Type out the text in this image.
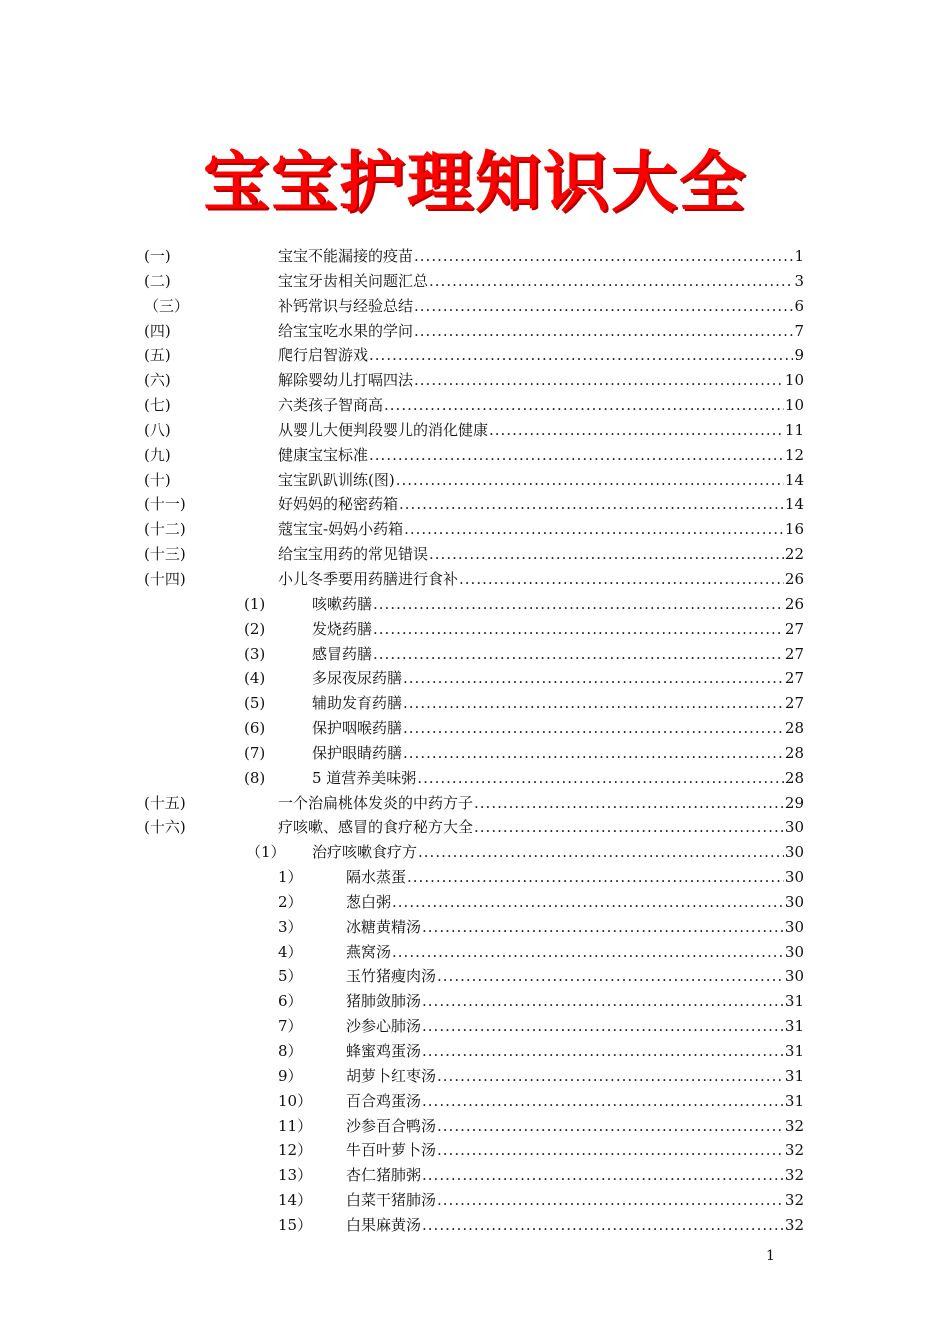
宝宝护理知识大全
(一)	宝宝不能漏接的疫苗 .....	1
(二)	宝宝牙齿相关问题汇总 .....	3
（三）	补钙常识与经验总结 .....	6
(四)	给宝宝吃水果的学问 .....	7
(五)	爬行启智游戏 .....	9
(六)	解除婴幼儿打嗝四法 .....	10
(七)	六类孩子智商高 .....	10
(八)	从婴儿大便判段婴儿的消化健康 .....	11
(九)	健康宝宝标准 .....	12
(十)	宝宝趴趴训练(图) .....	14
(十一)	好妈妈的秘密药箱 .....	14
(十二)	蔻宝宝-妈妈小药箱 .....	16
(十三)	给宝宝用药的常见错误 .....	22
(十四)	小儿冬季要用药膳进行食补 .....	26
(1)	咳嗽药膳 .....	26
(2)	发烧药膳 .....	27
(3)	感冒药膳 .....	27
(4)	多尿夜尿药膳 .....	27
(5)	辅助发育药膳 .....	27
(6)	保护咽喉药膳 .....	28
(7)	保护眼睛药膳 .....	28
(8)	5 道营养美味粥 .....	28
(十五)	一个治扁桃体发炎的中药方子 .....	29
(十六)	疗咳嗽、感冒的食疗秘方大全 .....	30
（1） 治疗咳嗽食疗方 .....	30
1）	隔水蒸蛋 .....	30
2）	葱白粥 .....	30
3）	冰糖黄精汤 .....	30
4）	燕窝汤 .....	30
5）	玉竹猪瘦肉汤 .....	30
6）	猪肺敛肺汤 .....	31
7）	沙参心肺汤 .....	31
8）	蜂蜜鸡蛋汤 .....	31
9）	胡萝卜红枣汤 .....	31
10） 百合鸡蛋汤 .....	31
11） 沙参百合鸭汤 .....	32
12） 牛百叶萝卜汤 .....	32
13） 杏仁猪肺粥 .....	32
14） 白菜干猪肺汤 .....	32
15） 白果麻黄汤 .....	32
1
